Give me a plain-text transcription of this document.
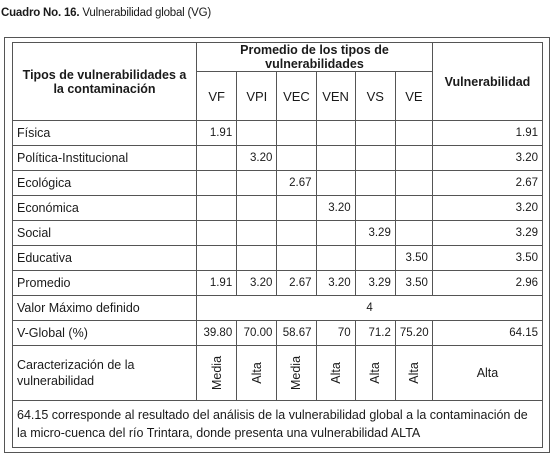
Cuadro No. 16. Vulnerabilidad global (VG)
Tipos de vulnerabilidades a la contaminación	Promedio de los tipos de vulnerabilidades						Vulnerabilidad
	VF	VPI	VEC	VEN	VS	VE	
Física	1.91						1.91
Política-Institucional		3.20					3.20
Ecológica			2.67				2.67
Económica				3.20			3.20
Social					3.29		3.29
Educativa						3.50	3.50
Promedio	1.91	3.20	2.67	3.20	3.29	3.50	2.96
Valor Máximo definido	4						
V-Global (%)	39.80	70.00	58.67	70	71.2	75.20	64.15
Caracterización de la vulnerabilidad	Media	Alta	Media	Alta	Alta	Alta	Alta
64.15 corresponde al resultado del análisis de la vulnerabilidad global a la contaminación de la micro-cuenca del río Trintara, donde presenta una vulnerabilidad ALTA							
